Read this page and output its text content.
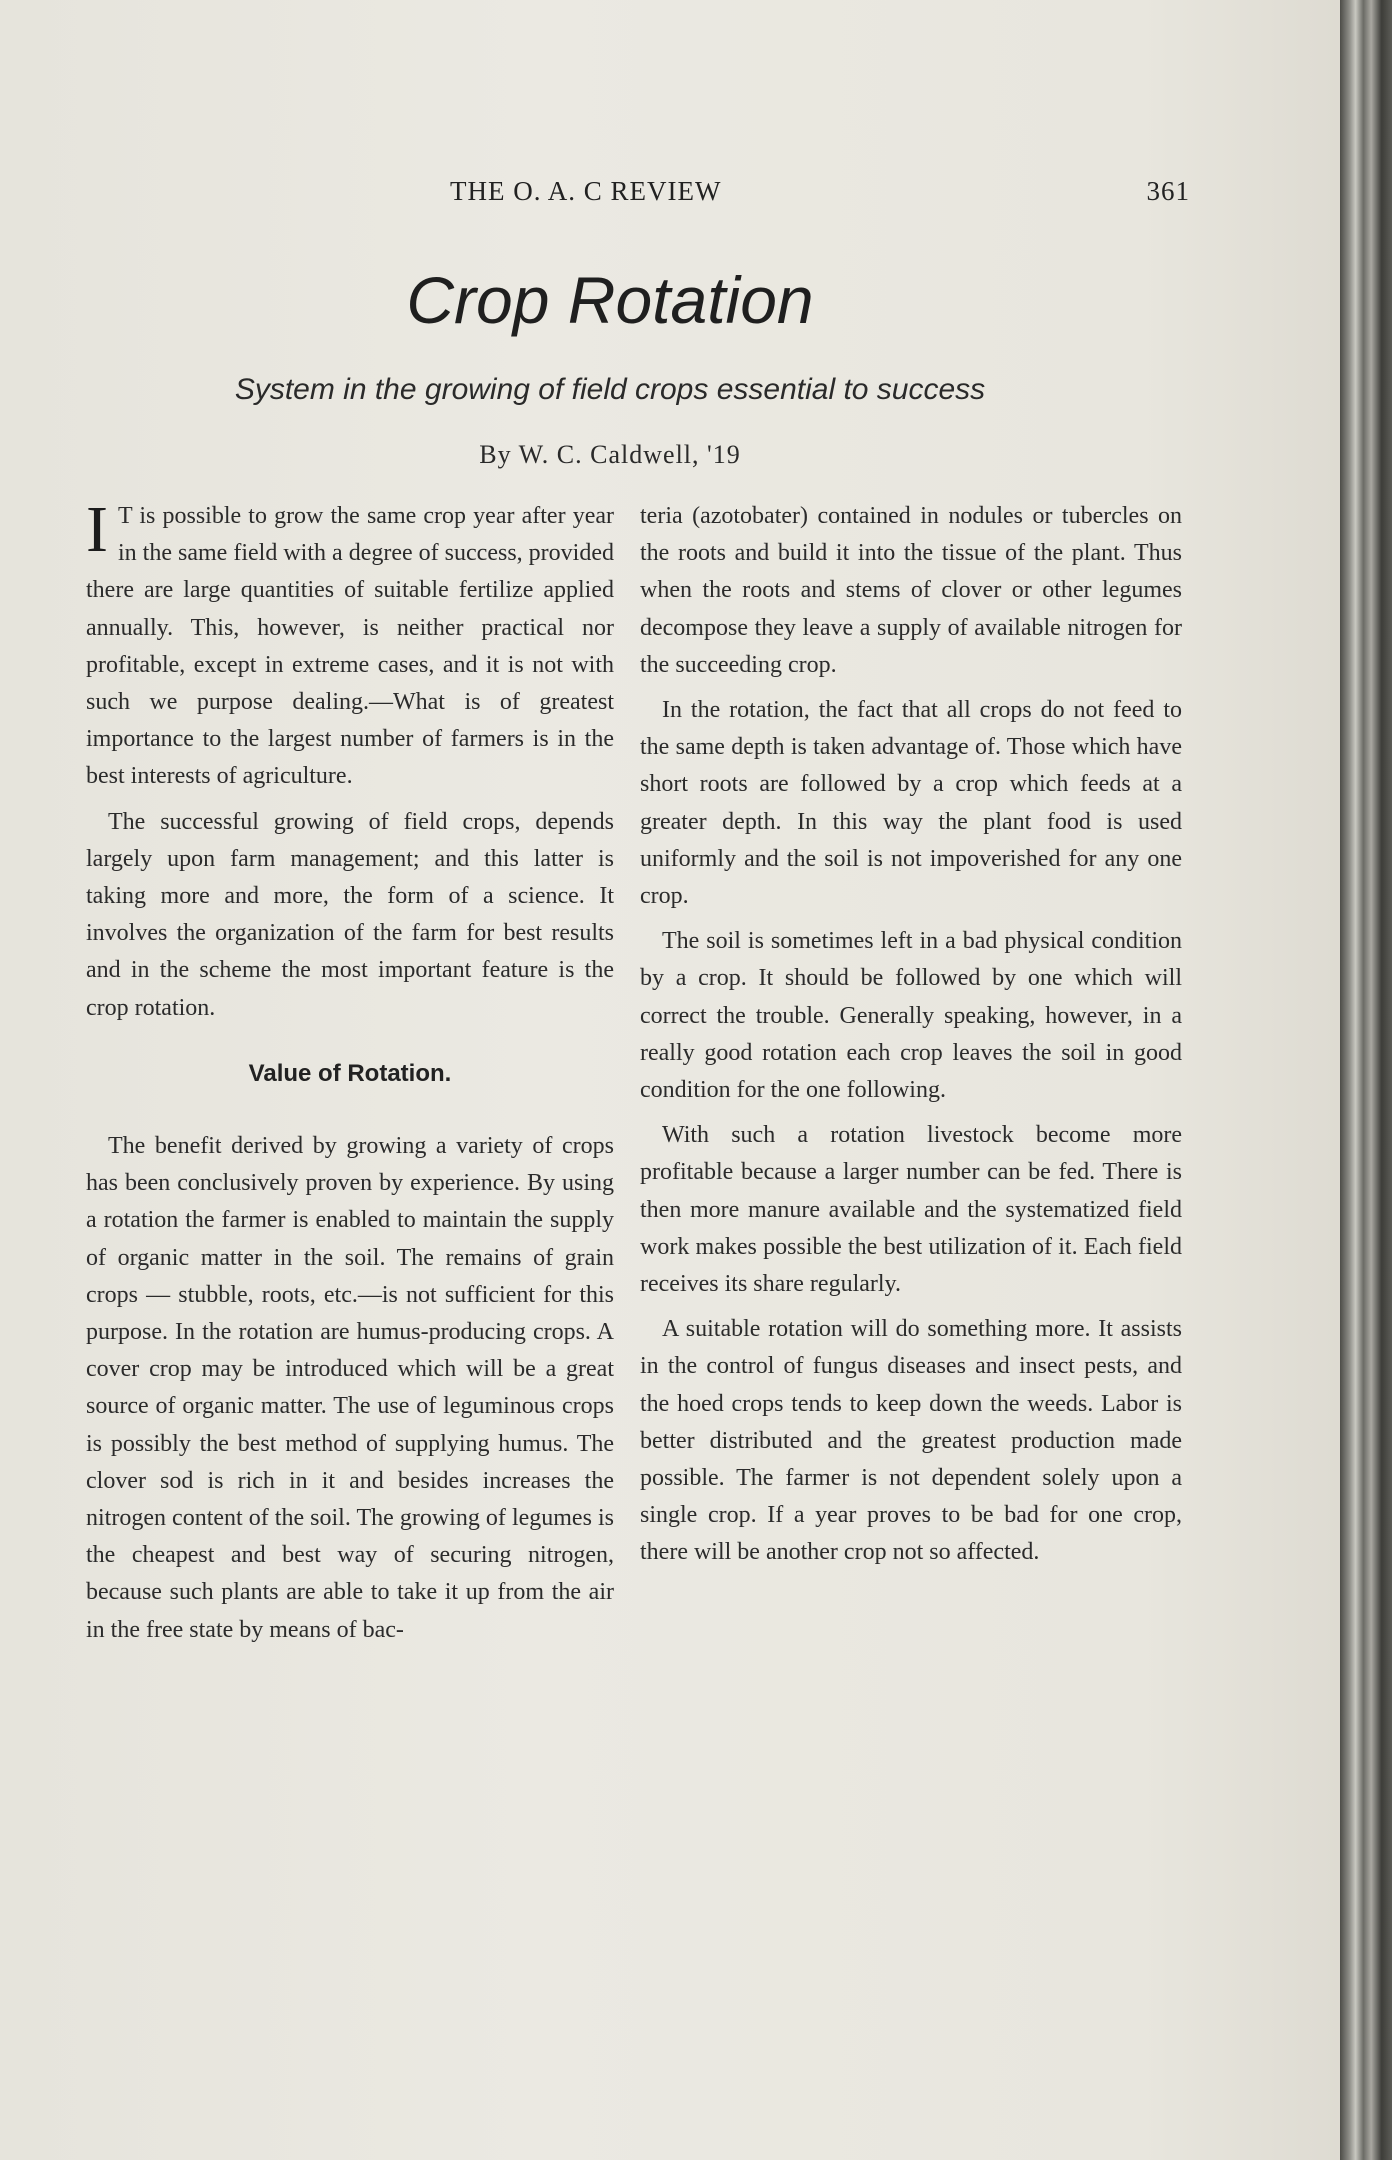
THE O. A. C REVIEW	361
Crop Rotation
System in the growing of field crops essential to success
By W. C. Caldwell, '19

I T is possible to grow the same crop year after year in the same field with a degree of success, provided there are large quantities of suitable fertilize applied annually. This, however, is neither practical nor profitable, except in extreme cases, and it is not with such we purpose dealing.—What is of greatest importance to the largest number of farmers is in the best interests of agriculture.

The successful growing of field crops, depends largely upon farm management; and this latter is taking more and more, the form of a science. It involves the organization of the farm for best results and in the scheme the most important feature is the crop rotation.

Value of Rotation.

The benefit derived by growing a variety of crops has been conclusively proven by experience. By using a rotation the farmer is enabled to maintain the supply of organic matter in the soil. The remains of grain crops — stubble, roots, etc.—is not sufficient for this purpose. In the rotation are humus-producing crops. A cover crop may be introduced which will be a great source of organic matter. The use of leguminous crops is possibly the best method of supplying humus. The clover sod is rich in it and besides increases the nitrogen content of the soil. The growing of legumes is the cheapest and best way of securing nitrogen, because such plants are able to take it up from the air in the free state by means of bac-

teria (azotobater) contained in nodules or tubercles on the roots and build it into the tissue of the plant. Thus when the roots and stems of clover or other legumes decompose they leave a supply of available nitrogen for the succeeding crop.

In the rotation, the fact that all crops do not feed to the same depth is taken advantage of. Those which have short roots are followed by a crop which feeds at a greater depth. In this way the plant food is used uniformly and the soil is not impoverished for any one crop.

The soil is sometimes left in a bad physical condition by a crop. It should be followed by one which will correct the trouble. Generally speaking, however, in a really good rotation each crop leaves the soil in good condition for the one following.

With such a rotation livestock become more profitable because a larger number can be fed. There is then more manure available and the systematized field work makes possible the best utilization of it. Each field receives its share regularly.

A suitable rotation will do something more. It assists in the control of fungus diseases and insect pests, and the hoed crops tends to keep down the weeds. Labor is better distributed and the greatest production made possible. The farmer is not dependent solely upon a single crop. If a year proves to be bad for one crop, there will be another crop not so affected.
